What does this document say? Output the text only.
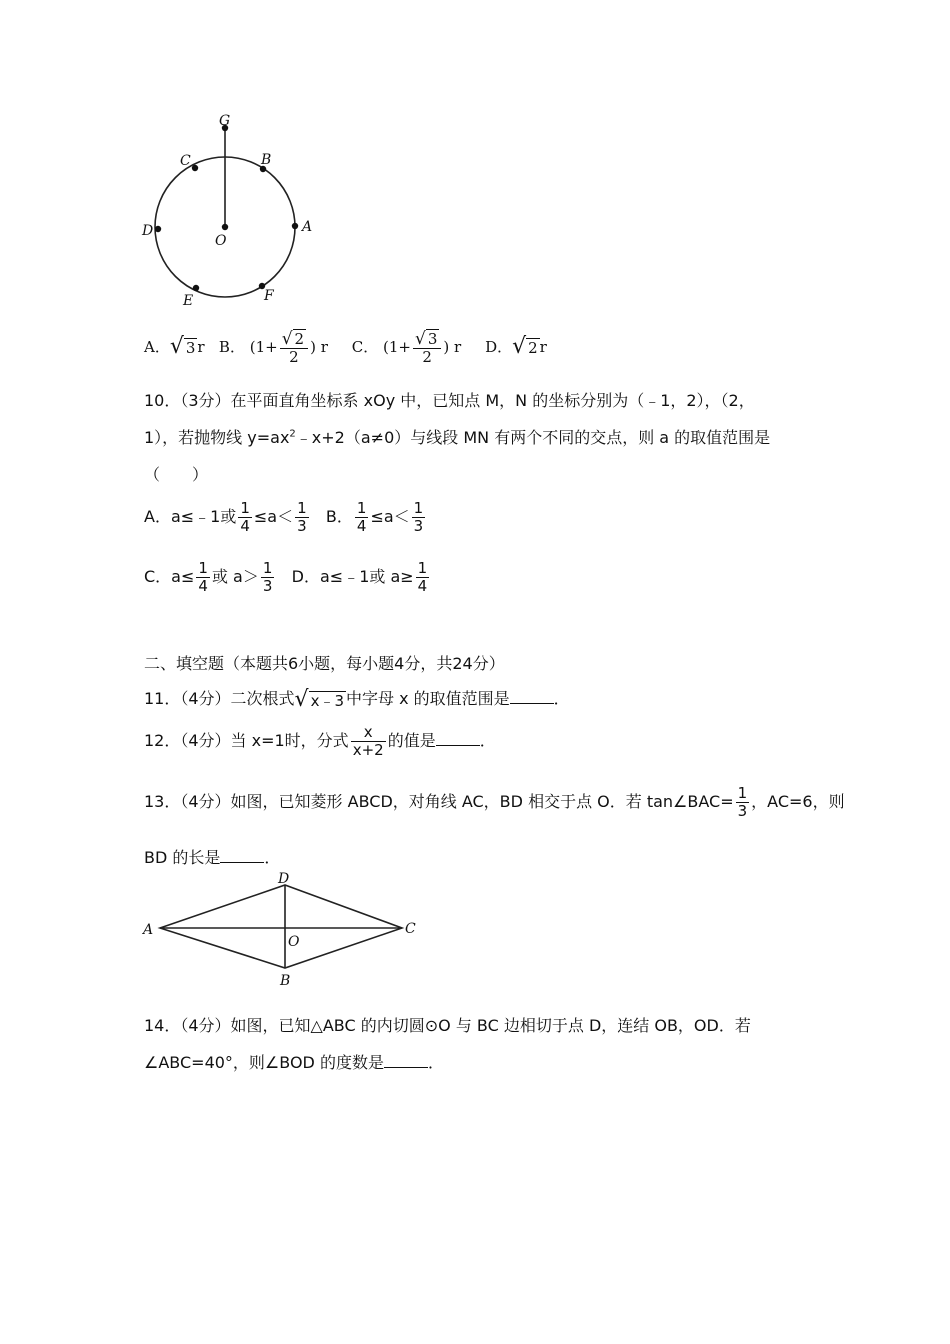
G
C	B
D
O
A
E	F
A．√ 3 r B． ($1+ \frac{√ 2}{2}$ ) r C． ($1+ \frac{√ 3}{2}$ ) r D．√ 2 r
10．（3分）在平面直角坐标系 xOy 中，已知点 M，N 的坐标分别为（﹣1，2），（2，
1），若抛物线 $y=ax^2﹣x+2(a\ne 0)$与线段 MN 有两个不同的交点，则 a 的取值范围是
（　　）
A．a≤﹣1或 $\frac{1}{4} \le a< \frac{1}{3}$ B． $\frac{1}{4} \le a< \frac{1}{3}$
C．$a\le \frac{1}{4}$ 或 $a> \frac{1}{3}$ D．a≤﹣1或 $a\ge \frac{1}{4}$
二、填空题（本题共6小题，每小题4分，共24分）
11．（4分）二次根式√ x﹣3 中字母 x 的取值范围是	．
12．（4分）当 x=1时，分式 $\frac{x}{x+2}$ 的值是	．
13．（4分）如图，已知菱形 ABCD，对角线 AC，BD 相交于点 O．若 tan∠BAC= $\frac{1}{3}$ ，AC=6，则
BD 的长是	．
D
A
O
C
B
14．（4分）如图，已知△ABC 的内切圆⊙O 与 BC 边相切于点 D，连结 OB，OD．若
∠ABC=40°，则∠BOD 的度数是	．
